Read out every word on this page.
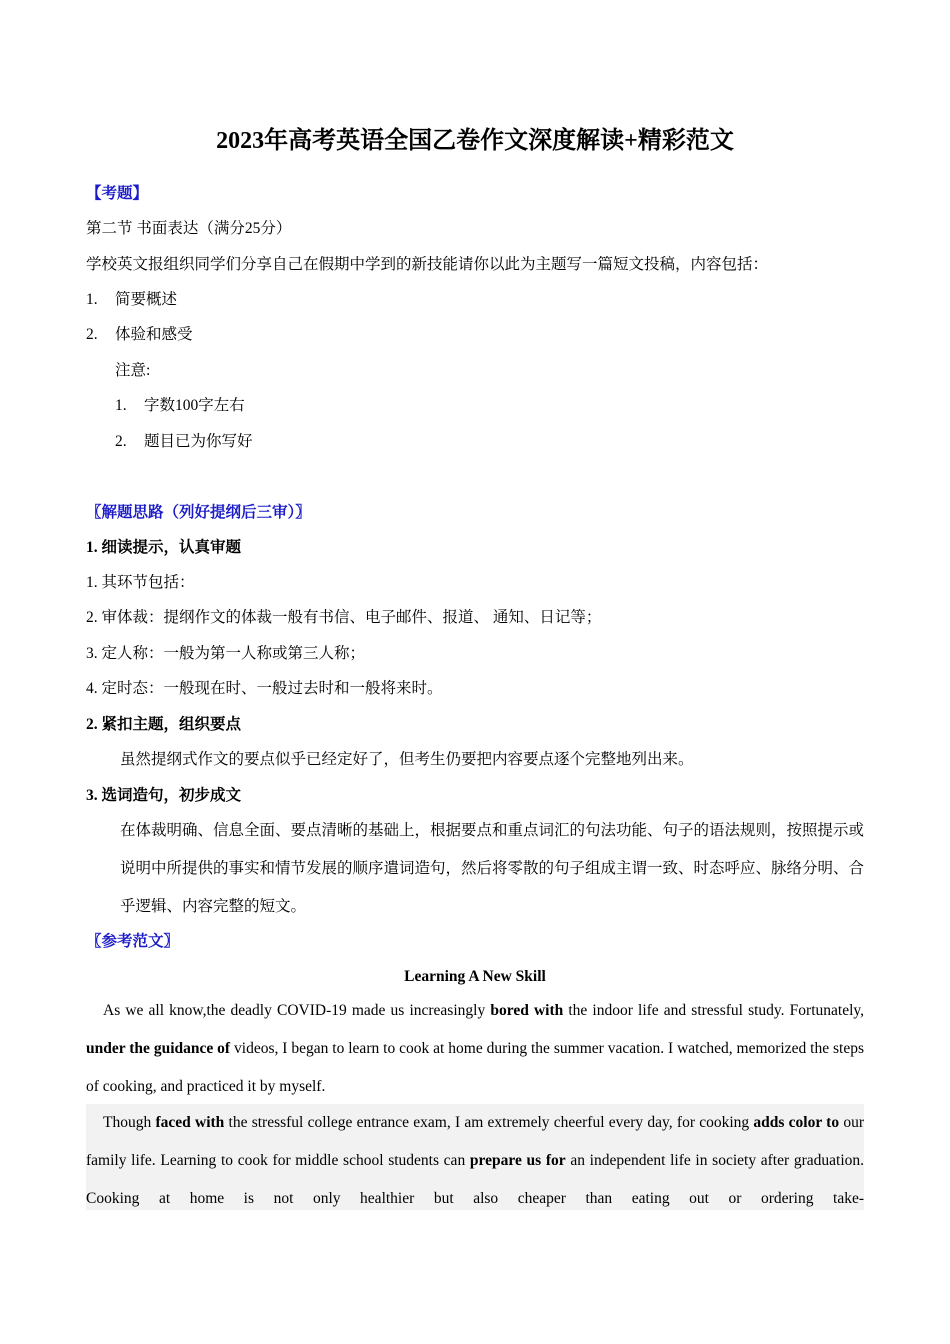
2023年高考英语全国乙卷作文深度解读+精彩范文
【考题】
第二节 书面表达（满分25分）
学校英文报组织同学们分享自己在假期中学到的新技能请你以此为主题写一篇短文投稿，内容包括：
1. 简要概述
2. 体验和感受
注意:
1. 字数100字左右
2. 题目已为你写好
〖解题思路（列好提纲后三审）〗
1. 细读提示，认真审题
1. 其环节包括：
2. 审体裁：提纲作文的体裁一般有书信、电子邮件、报道、 通知、日记等；
3. 定人称：一般为第一人称或第三人称；
4. 定时态：一般现在时、一般过去时和一般将来时。
2. 紧扣主题，组织要点
虽然提纲式作文的要点似乎已经定好了，但考生仍要把内容要点逐个完整地列出来。
3. 选词造句，初步成文
在体裁明确、信息全面、要点清晰的基础上，根据要点和重点词汇的句法功能、句子的语法规则，按照提示或说明中所提供的事实和情节发展的顺序遣词造句，然后将零散的句子组成主谓一致、时态呼应、脉络分明、合乎逻辑、内容完整的短文。
〖参考范文〗
Learning A New Skill
As we all know,the deadly COVID-19 made us increasingly bored with the indoor life and stressful study. Fortunately, under the guidance of videos, I began to learn to cook at home during the summer vacation. I watched, memorized the steps of cooking, and practiced it by myself.
Though faced with the stressful college entrance exam, I am extremely cheerful every day, for cooking adds color to our family life. Learning to cook for middle school students can prepare us for an independent life in society after graduation. Cooking at home is not only healthier but also cheaper than eating out or ordering take-
